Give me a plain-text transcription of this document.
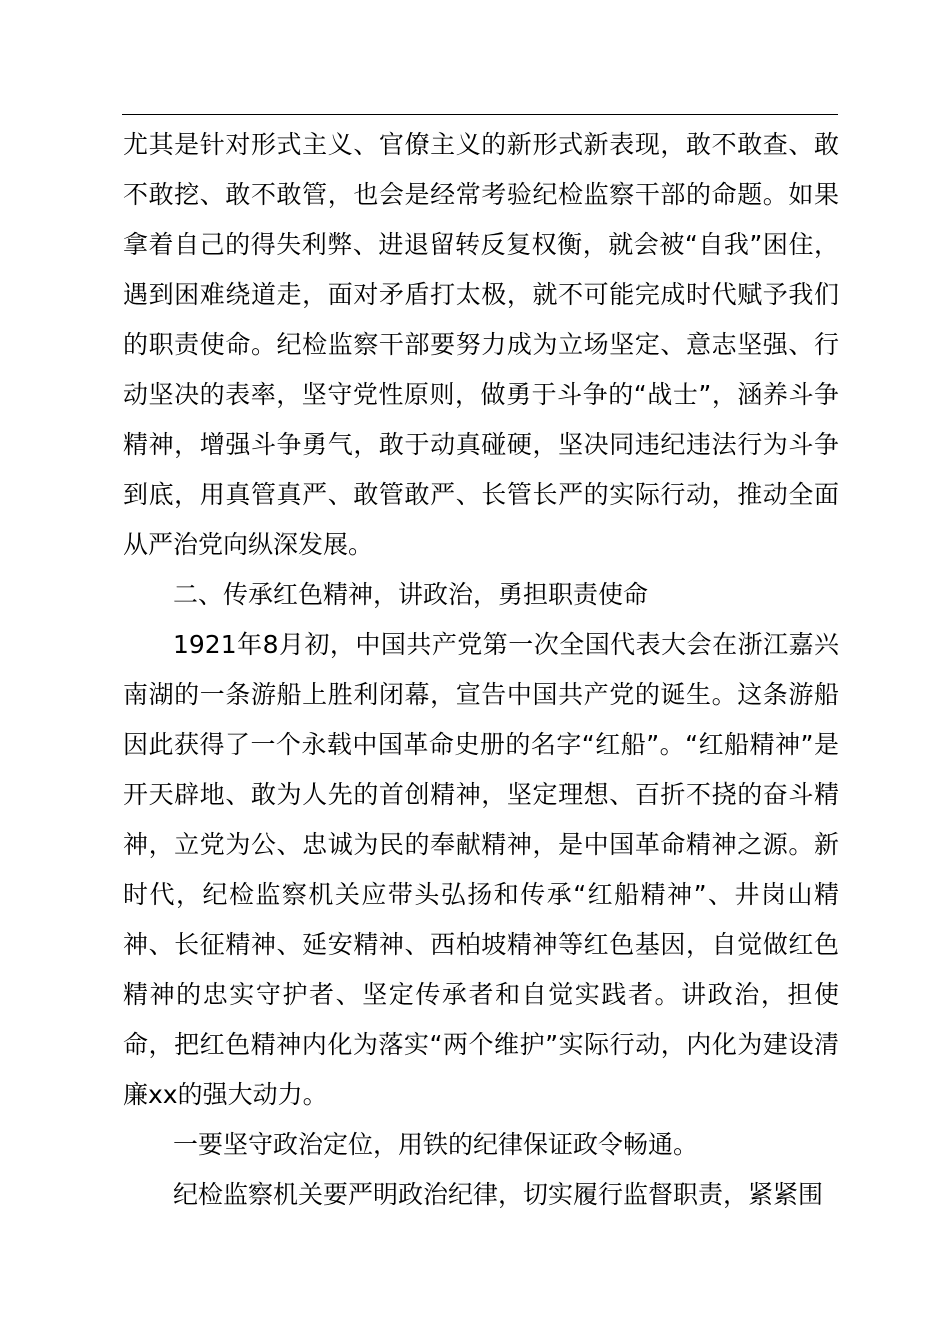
尤其是针对形式主义、官僚主义的新形式新表现，敢不敢查、敢不敢挖、敢不敢管，也会是经常考验纪检监察干部的命题。如果拿着自己的得失利弊、进退留转反复权衡，就会被“自我”困住，遇到困难绕道走，面对矛盾打太极，就不可能完成时代赋予我们的职责使命。纪检监察干部要努力成为立场坚定、意志坚强、行动坚决的表率，坚守党性原则，做勇于斗争的“战士”，涵养斗争精神，增强斗争勇气，敢于动真碰硬，坚决同违纪违法行为斗争到底，用真管真严、敢管敢严、长管长严的实际行动，推动全面从严治党向纵深发展。

二、传承红色精神，讲政治，勇担职责使命

1921年8月初，中国共产党第一次全国代表大会在浙江嘉兴南湖的一条游船上胜利闭幕，宣告中国共产党的诞生。这条游船因此获得了一个永载中国革命史册的名字“红船”。“红船精神”是开天辟地、敢为人先的首创精神，坚定理想、百折不挠的奋斗精神，立党为公、忠诚为民的奉献精神，是中国革命精神之源。新时代，纪检监察机关应带头弘扬和传承“红船精神”、井岗山精神、长征精神、延安精神、西柏坡精神等红色基因，自觉做红色精神的忠实守护者、坚定传承者和自觉实践者。讲政治，担使命，把红色精神内化为落实“两个维护”实际行动，内化为建设清廉xx的强大动力。

一要坚守政治定位，用铁的纪律保证政令畅通。

纪检监察机关要严明政治纪律，切实履行监督职责，紧紧围
